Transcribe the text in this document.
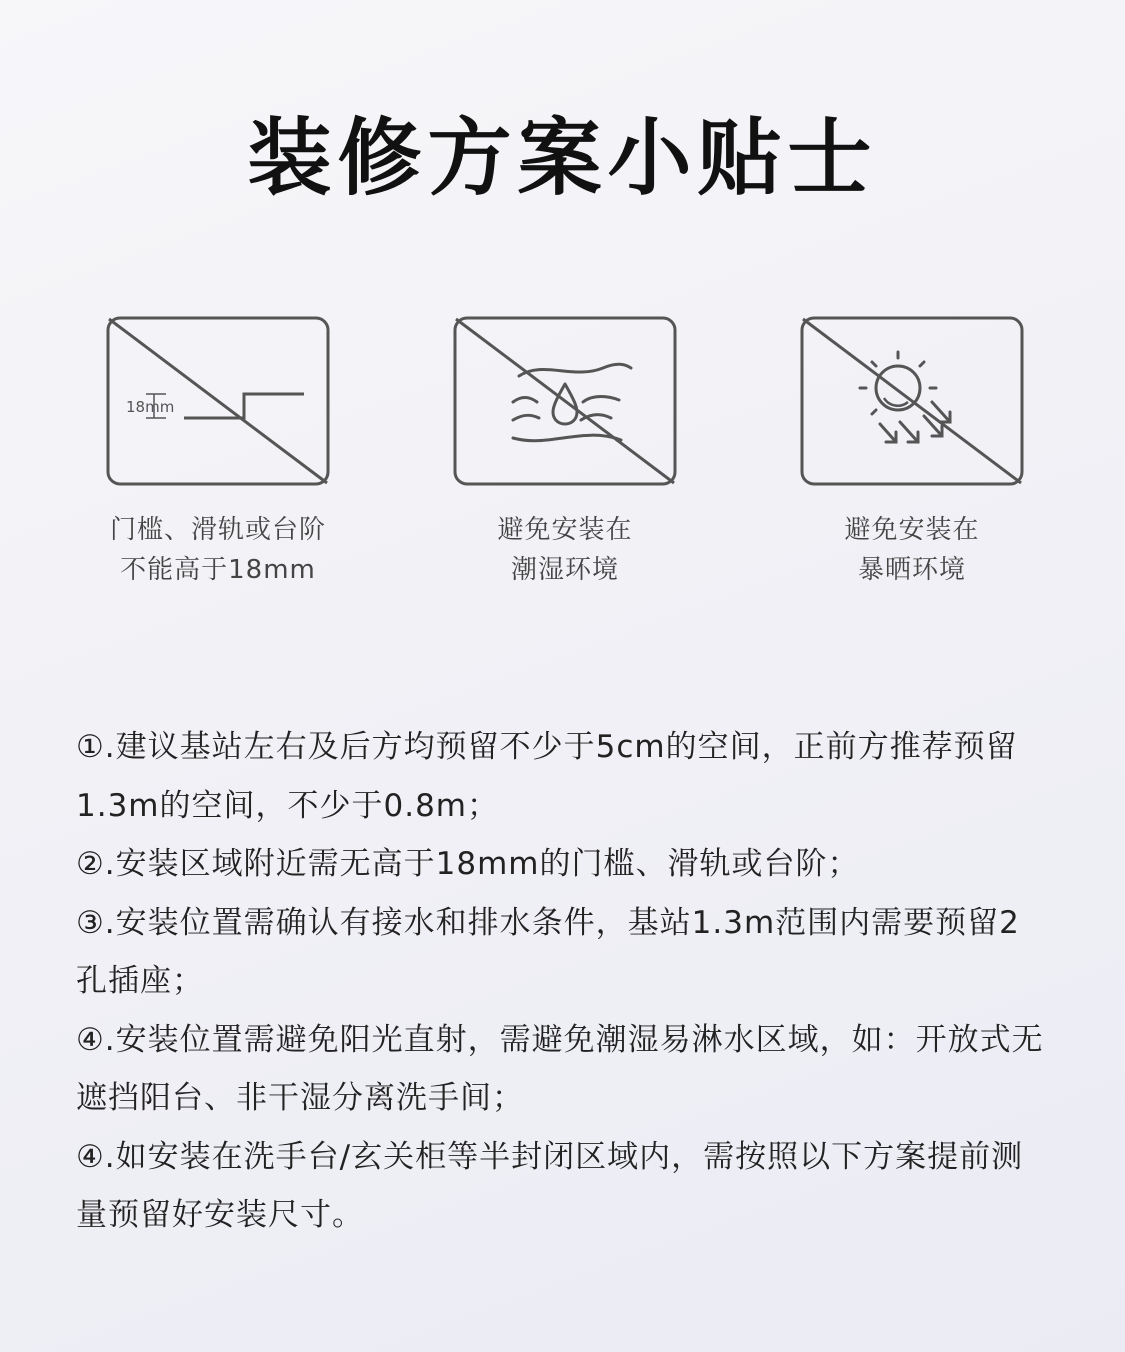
装修方案小贴士
18mm
门槛、滑轨或台阶
不能高于18mm
避免安装在
潮湿环境
避免安装在
暴晒环境

①.建议基站左右及后方均预留不少于5cm的空间，正前方推荐预留1.3m的空间，不少于0.8m；

②.安装区域附近需无高于18mm的门槛、滑轨或台阶；

③.安装位置需确认有接水和排水条件，基站1.3m范围内需要预留2孔插座；

④.安装位置需避免阳光直射，需避免潮湿易淋水区域，如：开放式无遮挡阳台、非干湿分离洗手间；

④.如安装在洗手台/玄关柜等半封闭区域内，需按照以下方案提前测量预留好安装尺寸。
